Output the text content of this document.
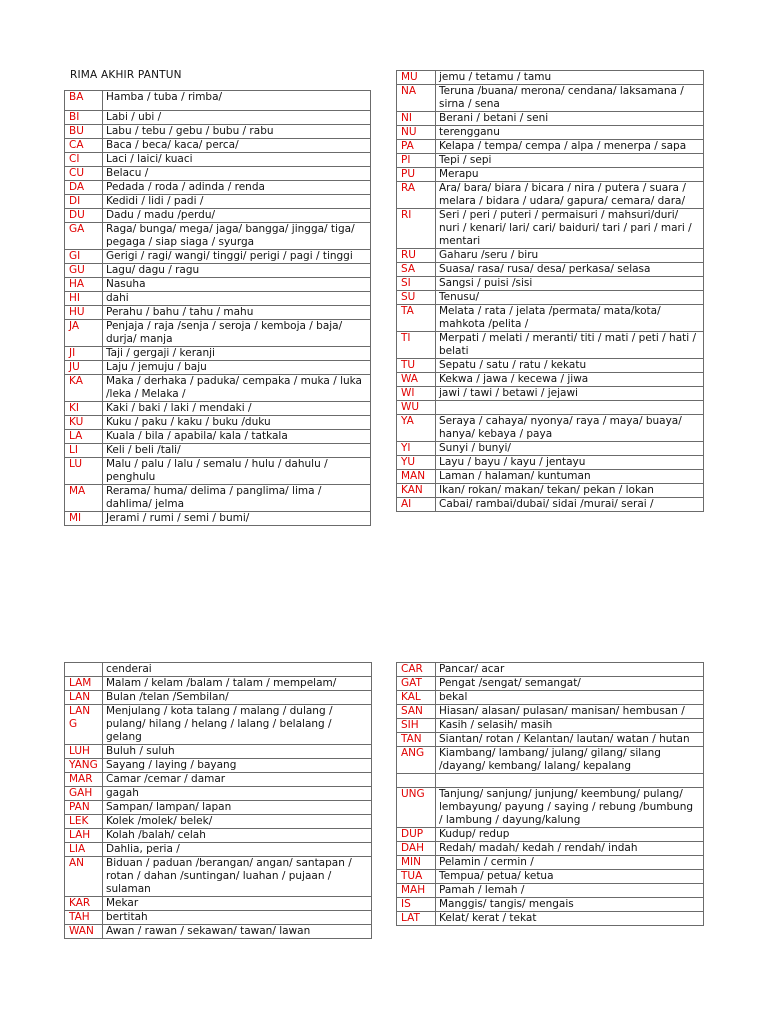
RIMA AKHIR PANTUN
BA	Hamba / tuba / rimba/
BI	Labi / ubi /
BU	Labu / tebu / gebu / bubu / rabu
CA	Baca / beca/ kaca/ perca/
CI	Laci / laici/ kuaci
CU	Belacu /
DA	Pedada / roda / adinda / renda
DI	Kedidi / lidi / padi /
DU	Dadu / madu /perdu/
GA	Raga/ bunga/ mega/ jaga/ bangga/ jingga/ tiga/ pegaga / siap siaga / syurga
GI	Gerigi / ragi/ wangi/ tinggi/ perigi / pagi / tinggi
GU	Lagu/ dagu / ragu
HA	Nasuha
HI	dahi
HU	Perahu / bahu / tahu / mahu
JA	Penjaja / raja /senja / seroja / kemboja / baja/ durja/ manja
JI	Taji / gergaji / keranji
JU	Laju / jemuju / baju
KA	Maka / derhaka / paduka/ cempaka / muka / luka /leka / Melaka /
KI	Kaki / baki / laki / mendaki /
KU	Kuku / paku / kaku / buku /duku
LA	Kuala / bila / apabila/ kala / tatkala
LI	Keli / beli /tali/
LU	Malu / palu / lalu / semalu / hulu / dahulu / penghulu
MA	Rerama/ huma/ delima / panglima/ lima / dahlima/ jelma
MI	Jerami / rumi / semi / bumi/
MU	jemu / tetamu / tamu
NA	Teruna /buana/ merona/ cendana/ laksamana / sirna / sena
NI	Berani / betani / seni
NU	terengganu
PA	Kelapa / tempa/ cempa / alpa / menerpa / sapa
PI	Tepi / sepi
PU	Merapu
RA	Ara/ bara/ biara / bicara / nira / putera / suara / melara / bidara / udara/ gapura/ cemara/ dara/
RI	Seri / peri / puteri / permaisuri / mahsuri/duri/ nuri / kenari/ lari/ cari/ baiduri/ tari / pari / mari / mentari
RU	Gaharu /seru / biru
SA	Suasa/ rasa/ rusa/ desa/ perkasa/ selasa
SI	Sangsi / puisi /sisi
SU	Tenusu/
TA	Melata / rata / jelata /permata/ mata/kota/ mahkota /pelita /
TI	Merpati / melati / meranti/ titi / mati / peti / hati / belati
TU	Sepatu / satu / ratu / kekatu
WA	Kekwa / jawa / kecewa / jiwa
WI	jawi / tawi / betawi / jejawi
WU	
YA	Seraya / cahaya/ nyonya/ raya / maya/ buaya/ hanya/ kebaya / paya
YI	Sunyi / bunyi/
YU	Layu / bayu / kayu / jentayu
MAN	Laman / halaman/ kuntuman
KAN	Ikan/ rokan/ makan/ tekan/ pekan / lokan
AI	Cabai/ rambai/dubai/ sidai /murai/ serai /
	cenderai
LAM	Malam / kelam /balam / talam / mempelam/
LAN	Bulan /telan /Sembilan/
LANG	Menjulang / kota talang / malang / dulang / pulang/ hilang / helang / lalang / belalang / gelang
LUH	Buluh / suluh
YANG	Sayang / laying / bayang
MAR	Camar /cemar / damar
GAH	gagah
PAN	Sampan/ lampan/ lapan
LEK	Kolek /molek/ belek/
LAH	Kolah /balah/ celah
LIA	Dahlia, peria /
AN	Biduan / paduan /berangan/ angan/ santapan / rotan / dahan /suntingan/ luahan / pujaan / sulaman
KAR	Mekar
TAH	bertitah
WAN	Awan / rawan / sekawan/ tawan/ lawan
CAR	Pancar/ acar
GAT	Pengat /sengat/ semangat/
KAL	bekal
SAN	Hiasan/ alasan/ pulasan/ manisan/ hembusan /
SIH	Kasih / selasih/ masih
TAN	Siantan/ rotan / Kelantan/ lautan/ watan / hutan
ANG	Kiambang/ lambang/ julang/ gilang/ silang /dayang/ kembang/ lalang/ kepalang

UNG	Tanjung/ sanjung/ junjung/ keembung/ pulang/ lembayung/ payung / saying / rebung /bumbung / lambung / dayung/kalung
DUP	Kudup/ redup
DAH	Redah/ madah/ kedah / rendah/ indah
MIN	Pelamin / cermin /
TUA	Tempua/ petua/ ketua
MAH	Pamah / lemah /
IS	Manggis/ tangis/ mengais
LAT	Kelat/ kerat / tekat
